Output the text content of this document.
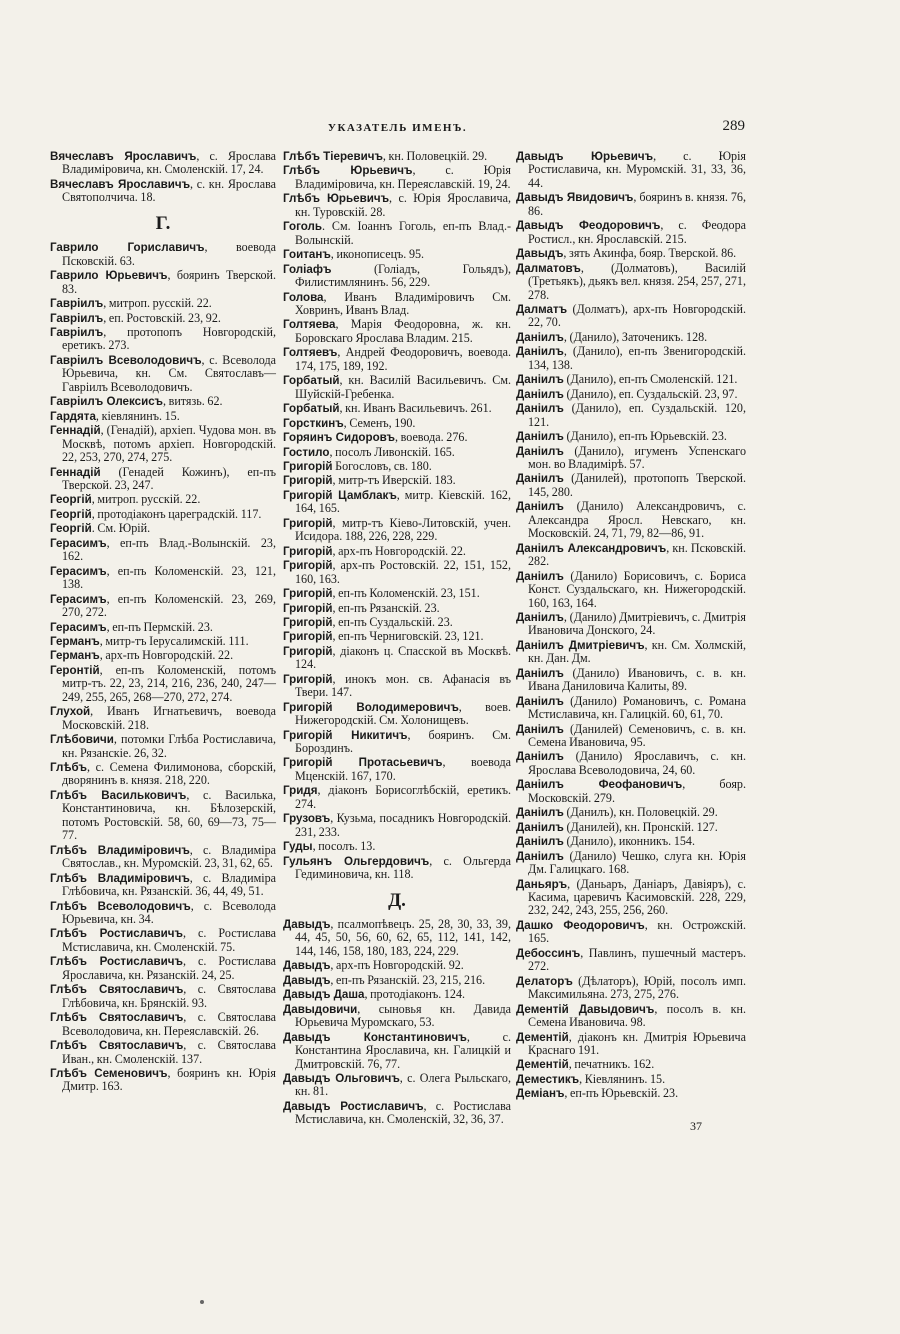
УКАЗАТЕЛЬ ИМЕНЪ.	289
Вячеславъ Ярославичъ, с. Ярослава Владиміровича, кн. Смоленскій. 17, 24.
Вячеславъ Ярославичъ, с. кн. Ярослава Святополчича. 18.
Г.
Гаврило Гориславичъ, воевода Псковскій. 63.
Гаврило Юрьевичъ, бояринъ Тверской. 83.
Гаврiилъ, митроп. русскій. 22.
Гаврiилъ, еп. Ростовскій. 23, 92.
Гаврiилъ, протопопъ Новгородскій, еретикъ. 273.
Гаврiилъ Всеволодовичъ, с. Всеволода Юрьевича, кн. См. Святославъ—Гаврiилъ Всеволодовичъ.
Гаврiилъ Олексисъ, витязь. 62.
Гардята, кіевлянинъ. 15.
Геннадій, (Генадій), архіеп. Чудова мон. въ Москвѣ, потомъ архіеп. Новгородскій. 22, 253, 270, 274, 275.
Геннадій (Генадей Кожинъ), еп-пъ Тверской. 23, 247.
Георгій, митроп. русскій. 22.
Георгій, протодіаконъ цареградскій. 117.
Георгій. См. Юрій.
Герасимъ, еп-пъ Влад.-Волынскій. 23, 162.
Герасимъ, еп-пъ Коломенскій. 23, 121, 138.
Герасимъ, еп-пъ Коломенскій. 23, 269, 270, 272.
Герасимъ, еп-пъ Пермскій. 23.
Германъ, митр-тъ Iерусалимскій. 111.
Германъ, арх-пъ Новгородскій. 22.
Геронтій, еп-пъ Коломенскій, потомъ митр-тъ. 22, 23, 214, 216, 236, 240, 247—249, 255, 265, 268—270, 272, 274.
Глухой, Иванъ Игнатьевичъ, воевода Московскій. 218.
Глѣбовичи, потомки Глѣба Ростиславича, кн. Рязанскіе. 26, 32.
Глѣбъ, с. Семена Филимонова, сборскій, дворянинъ в. князя. 218, 220.
Глѣбъ Васильковичъ, с. Василька, Константиновича, кн. Бѣлозерскій, потомъ Ростовскій. 58, 60, 69—73, 75—77.
Глѣбъ Владиміровичъ, с. Владиміра Святослав., кн. Муромскій. 23, 31, 62, 65.
Глѣбъ Владиміровичъ, с. Владиміра Глѣбовича, кн. Рязанскій. 36, 44, 49, 51.
Глѣбъ Всеволодовичъ, с. Всеволода Юрьевича, кн. 34.
Глѣбъ Ростиславичъ, с. Ростислава Мстиславича, кн. Смоленскій. 75.
Глѣбъ Ростиславичъ, с. Ростислава Ярославича, кн. Рязанскій. 24, 25.
Глѣбъ Святославичъ, с. Святослава Глѣбовича, кн. Брянскій. 93.
Глѣбъ Святославичъ, с. Святослава Всеволодовича, кн. Переяславскій. 26.
Глѣбъ Святославичъ, с. Святослава Иван., кн. Смоленскій. 137.
Глѣбъ Семеновичъ, бояринъ кн. Юрія Дмитр. 163.
Глѣбъ Тiеревичъ, кн. Половецкій. 29.
Глѣбъ Юрьевичъ, с. Юрія Владиміровича, кн. Переяславскій. 19, 24.
Глѣбъ Юрьевичъ, с. Юрія Ярославича, кн. Туровскій. 28.
Гоголь. См. Iоаннъ Гоголь, еп-пъ Влад.-Волынскій.
Гоитанъ, иконописецъ. 95.
Голiафъ (Голiадъ, Гольядъ), Филистимлянинъ. 56, 229.
Голова, Иванъ Владиміровичъ См. Ховринъ, Иванъ Влад.
Голтяева, Марія Феодоровна, ж. кн. Боровскаго Ярослава Владим. 215.
Голтяевъ, Андрей Феодоровичъ, воевода. 174, 175, 189, 192.
Горбатый, кн. Василій Васильевичъ. См. Шуйскій-Гребенка.
Горбатый, кн. Иванъ Васильевичъ. 261.
Горсткинъ, Семенъ, 190.
Горяинъ Сидоровъ, воевода. 276.
Гостило, посолъ Ливонскій. 165.
Григорій Богословъ, св. 180.
Григорій, митр-тъ Иверскій. 183.
Григорій Цамблакъ, митр. Кіевскій. 162, 164, 165.
Григорій, митр-тъ Кіево-Литовскій, учен. Исидора. 188, 226, 228, 229.
Григорій, арх-пъ Новгородскій. 22.
Григорій, арх-пъ Ростовскій. 22, 151, 152, 160, 163.
Григорій, еп-пъ Коломенскій. 23, 151.
Григорій, еп-пъ Рязанскій. 23.
Григорій, еп-пъ Суздальскій. 23.
Григорій, еп-пъ Черниговскій. 23, 121.
Григорій, діаконъ ц. Спасской въ Москвѣ. 124.
Григорій, инокъ мон. св. Афанасія въ Твери. 147.
Григорій Володимеровичъ, воев. Нижегородскій. См. Холонищевъ.
Григорій Никитичъ, бояринъ. См. Бороздинъ.
Григорій Протасьевичъ, воевода Мценскій. 167, 170.
Гридя, діаконъ Борисоглѣбскій, еретикъ. 274.
Грузовъ, Кузьма, посадникъ Новгородскій. 231, 233.
Гуды, посолъ. 13.
Гульянъ Ольгердовичъ, с. Ольгерда Гедиминовича, кн. 118.
Д.
Давыдъ, псалмопѣвецъ. 25, 28, 30, 33, 39, 44, 45, 50, 56, 60, 62, 65, 112, 141, 142, 144, 146, 158, 180, 183, 224, 229.
Давыдъ, арх-пъ Новгородскій. 92.
Давыдъ, еп-пъ Рязанскій. 23, 215, 216.
Давыдъ Даша, протодіаконъ. 124.
Давыдовичи, сыновья кн. Давида Юрьевича Муромскаго, 53.
Давыдъ Константиновичъ, с. Константина Ярославича, кн. Галицкій и Дмитровскій. 76, 77.
Давыдъ Ольговичъ, с. Олега Рыльскаго, кн. 81.
Давыдъ Ростиславичъ, с. Ростислава Мстиславича, кн. Смоленскій, 32, 36, 37.
Давыдъ Юрьевичъ, с. Юрія Ростиславича, кн. Муромскій. 31, 33, 36, 44.
Давыдъ Явидовичъ, бояринъ в. князя. 76, 86.
Давыдъ Феодоровичъ, с. Феодора Ростисл., кн. Ярославскій. 215.
Давыдъ, зять Акинфа, бояр. Тверской. 86.
Далматовъ, (Долматовъ), Василій (Третьякъ), дьякъ вел. князя. 254, 257, 271, 278.
Далматъ (Долматъ), арх-пъ Новгородскій. 22, 70.
Даніилъ, (Данило), Заточеникъ. 128.
Даніилъ, (Данило), еп-пъ Звенигородскій. 134, 138.
Даніилъ (Данило), еп-пъ Смоленскій. 121.
Даніилъ (Данило), еп. Суздальскій. 23, 97.
Даніилъ (Данило), еп. Суздальскій. 120, 121.
Даніилъ (Данило), еп-пъ Юрьевскій. 23.
Даніилъ (Данило), игуменъ Успенскаго мон. во Владимірѣ. 57.
Даніилъ (Данилей), протопопъ Тверской. 145, 280.
Даніилъ (Данило) Александровичъ, с. Александра Яросл. Невскаго, кн. Московскій. 24, 71, 79, 82—86, 91.
Даніилъ Александровичъ, кн. Псковскій. 282.
Даніилъ (Данило) Борисовичъ, с. Бориса Конст. Суздальскаго, кн. Нижегородскій. 160, 163, 164.
Даніилъ, (Данило) Дмитріевичъ, с. Дмитрія Ивановича Донского, 24.
Даніилъ Дмитріевичъ, кн. См. Холмскій, кн. Дан. Дм.
Даніилъ (Данило) Ивановичъ, с. в. кн. Ивана Даниловича Калиты, 89.
Даніилъ (Данило) Романовичъ, с. Романа Мстиславича, кн. Галицкій. 60, 61, 70.
Даніилъ (Данилей) Семеновичъ, с. в. кн. Семена Ивановича, 95.
Даніилъ (Данило) Ярославичъ, с. кн. Ярослава Всеволодовича, 24, 60.
Даніилъ Феофановичъ, бояр. Московскій. 279.
Даніилъ (Данилъ), кн. Половецкій. 29.
Даніилъ (Данилей), кн. Пронскій. 127.
Даніилъ (Данило), иконникъ. 154.
Даніилъ (Данило) Чешко, слуга кн. Юрія Дм. Галицкаго. 168.
Даньяръ, (Даньаръ, Даніаръ, Давіяръ), с. Касима, царевичъ Касимовскій. 228, 229, 232, 242, 243, 255, 256, 260.
Дашко Феодоровичъ, кн. Острожскій. 165.
Дебоссинъ, Павлинъ, пушечный мастеръ. 272.
Делаторъ (Дѣлаторъ), Юрій, посолъ имп. Максимильяна. 273, 275, 276.
Дементій Давыдовичъ, посолъ в. кн. Семена Ивановича. 98.
Дементій, діаконъ кн. Дмитрія Юрьевича Краснаго 191.
Дементій, печатникъ. 162.
Деместикъ, Кіевлянинъ. 15.
Деміанъ, еп-пъ Юрьевскій. 23.
37
